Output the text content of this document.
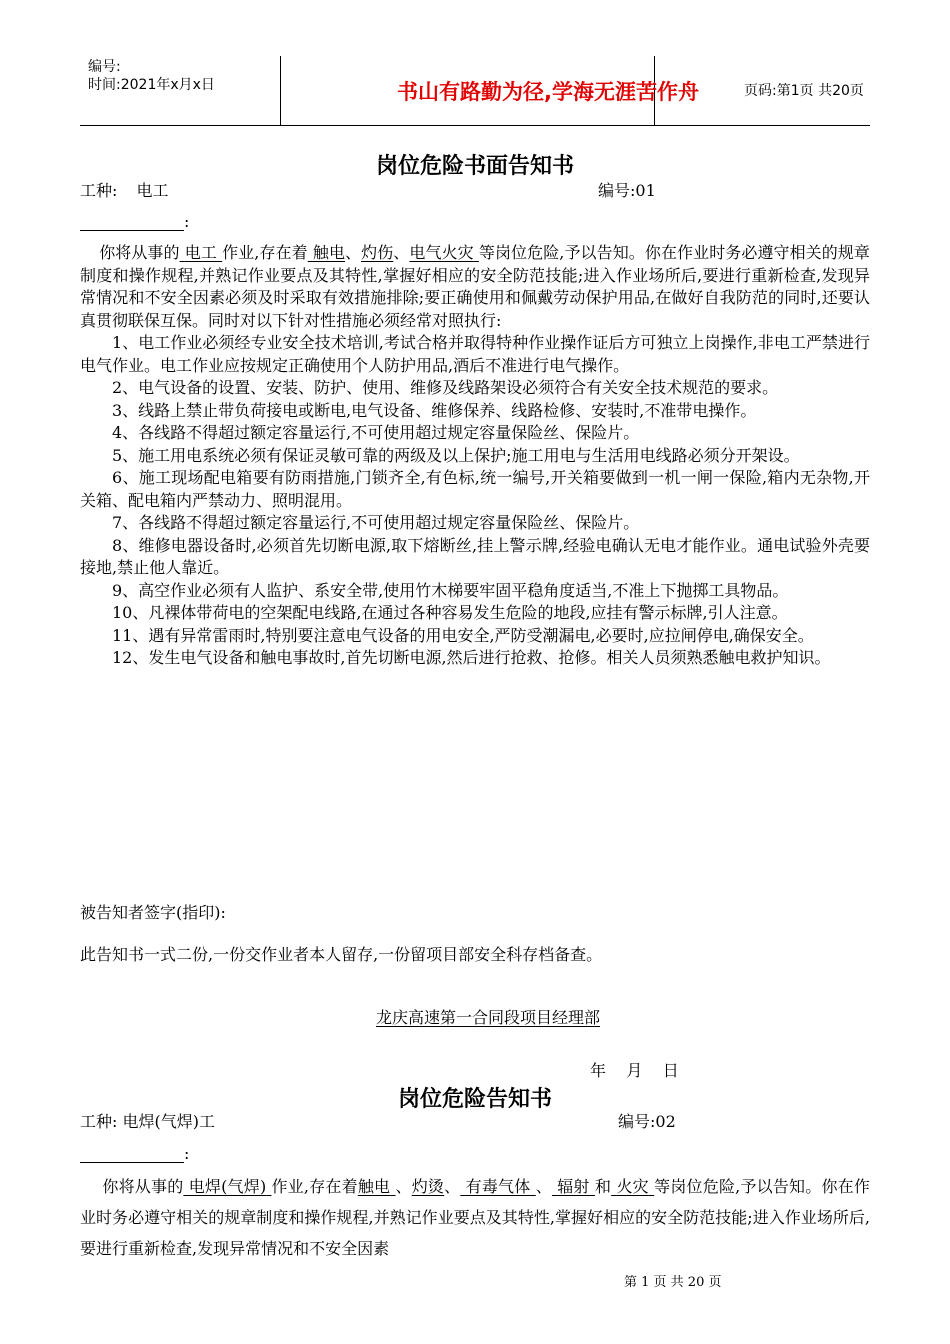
编号:
时间:2021年x月x日	书山有路勤为径,学海无涯苦作舟	页码:第1页 共20页
岗位危险书面告知书
工种: 电工	编号:01
:

你将从事的 电工 作业,存在着 触电、灼伤、电气火灾 等岗位危险,予以告知。你在作业时务必遵守相关的规章制度和操作规程,并熟记作业要点及其特性,掌握好相应的安全防范技能;进入作业场所后,要进行重新检查,发现异常情况和不安全因素必须及时采取有效措施排除;要正确使用和佩戴劳动保护用品,在做好自我防范的同时,还要认真贯彻联保互保。同时对以下针对性措施必须经常对照执行:

1、电工作业必须经专业安全技术培训,考试合格并取得特种作业操作证后方可独立上岗操作,非电工严禁进行电气作业。电工作业应按规定正确使用个人防护用品,酒后不准进行电气操作。

2、电气设备的设置、安装、防护、使用、维修及线路架设必须符合有关安全技术规范的要求。

3、线路上禁止带负荷接电或断电,电气设备、维修保养、线路检修、安装时,不准带电操作。

4、各线路不得超过额定容量运行,不可使用超过规定容量保险丝、保险片。

5、施工用电系统必须有保证灵敏可靠的两级及以上保护;施工用电与生活用电线路必须分开架设。

6、施工现场配电箱要有防雨措施,门锁齐全,有色标,统一编号,开关箱要做到一机一闸一保险,箱内无杂物,开关箱、配电箱内严禁动力、照明混用。

7、各线路不得超过额定容量运行,不可使用超过规定容量保险丝、保险片。

8、维修电器设备时,必须首先切断电源,取下熔断丝,挂上警示牌,经验电确认无电才能作业。通电试验外壳要接地,禁止他人靠近。

9、高空作业必须有人监护、系安全带,使用竹木梯要牢固平稳角度适当,不准上下抛掷工具物品。

10、凡裸体带荷电的空架配电线路,在通过各种容易发生危险的地段,应挂有警示标牌,引人注意。

11、遇有异常雷雨时,特别要注意电气设备的用电安全,严防受潮漏电,必要时,应拉闸停电,确保安全。

12、发生电气设备和触电事故时,首先切断电源,然后进行抢救、抢修。相关人员须熟悉触电救护知识。

被告知者签字(指印):
此告知书一式二份,一份交作业者本人留存,一份留项目部安全科存档备查。
龙庆高速第一合同段项目经理部
年    月    日
岗位危险告知书
工种: 电焊(气焊)工	编号:02
:
你将从事的 电焊(气焊) 作业,存在着触电 、灼烫、 有毒气体 、 辐射 和 火灾 等岗位危险,予以告知。你在作业时务必遵守相关的规章制度和操作规程,并熟记作业要点及其特性,掌握好相应的安全防范技能;进入作业场所后,要进行重新检查,发现异常情况和不安全因素
第 1 页 共 20 页
